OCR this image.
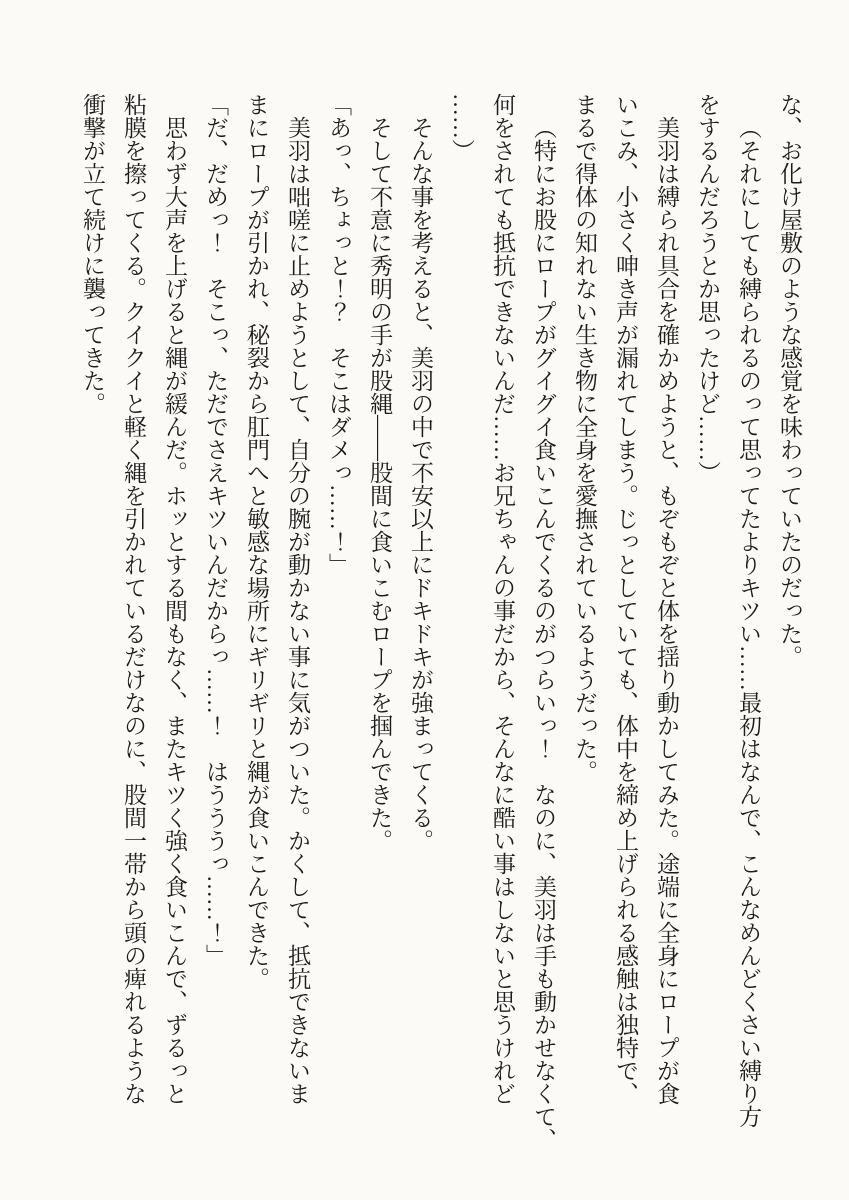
な、お化け屋敷のような感覚を味わっていたのだった。
（それにしても縛られるのって思ってたよりキツい……最初はなんで、こんなめんどくさい縛り方
をするんだろうとか思ったけど……）
美羽は縛られ具合を確かめようと、もぞもぞと体を揺り動かしてみた。途端に全身にロープが食
いこみ、小さく呻き声が漏れてしまう。じっとしていても、体中を締め上げられる感触は独特で、
まるで得体の知れない生き物に全身を愛撫されているようだった。
（特にお股にロープがグイグイ食いこんでくるのがつらいっ！　なのに、美羽は手も動かせなくて、
何をされても抵抗できないんだ……お兄ちゃんの事だから、そんなに酷い事はしないと思うけれど
……）
そんな事を考えると、美羽の中で不安以上にドキドキが強まってくる。
そして不意に秀明の手が股縄――股間に食いこむロープを掴んできた。
「あっ、ちょっと！？　そこはダメっ……！」
美羽は咄嗟に止めようとして、自分の腕が動かない事に気がついた。かくして、抵抗できないま
まにロープが引かれ、秘裂から肛門へと敏感な場所にギリギリと縄が食いこんできた。
「だ、だめっ！　そこっ、ただでさえキツいんだからっ……！　はうううっ……！」
思わず大声を上げると縄が緩んだ。ホッとする間もなく、またキツく強く食いこんで、ずるっと
粘膜を擦ってくる。クイクイと軽く縄を引かれているだけなのに、股間一帯から頭の痺れるような
衝撃が立て続けに襲ってきた。
